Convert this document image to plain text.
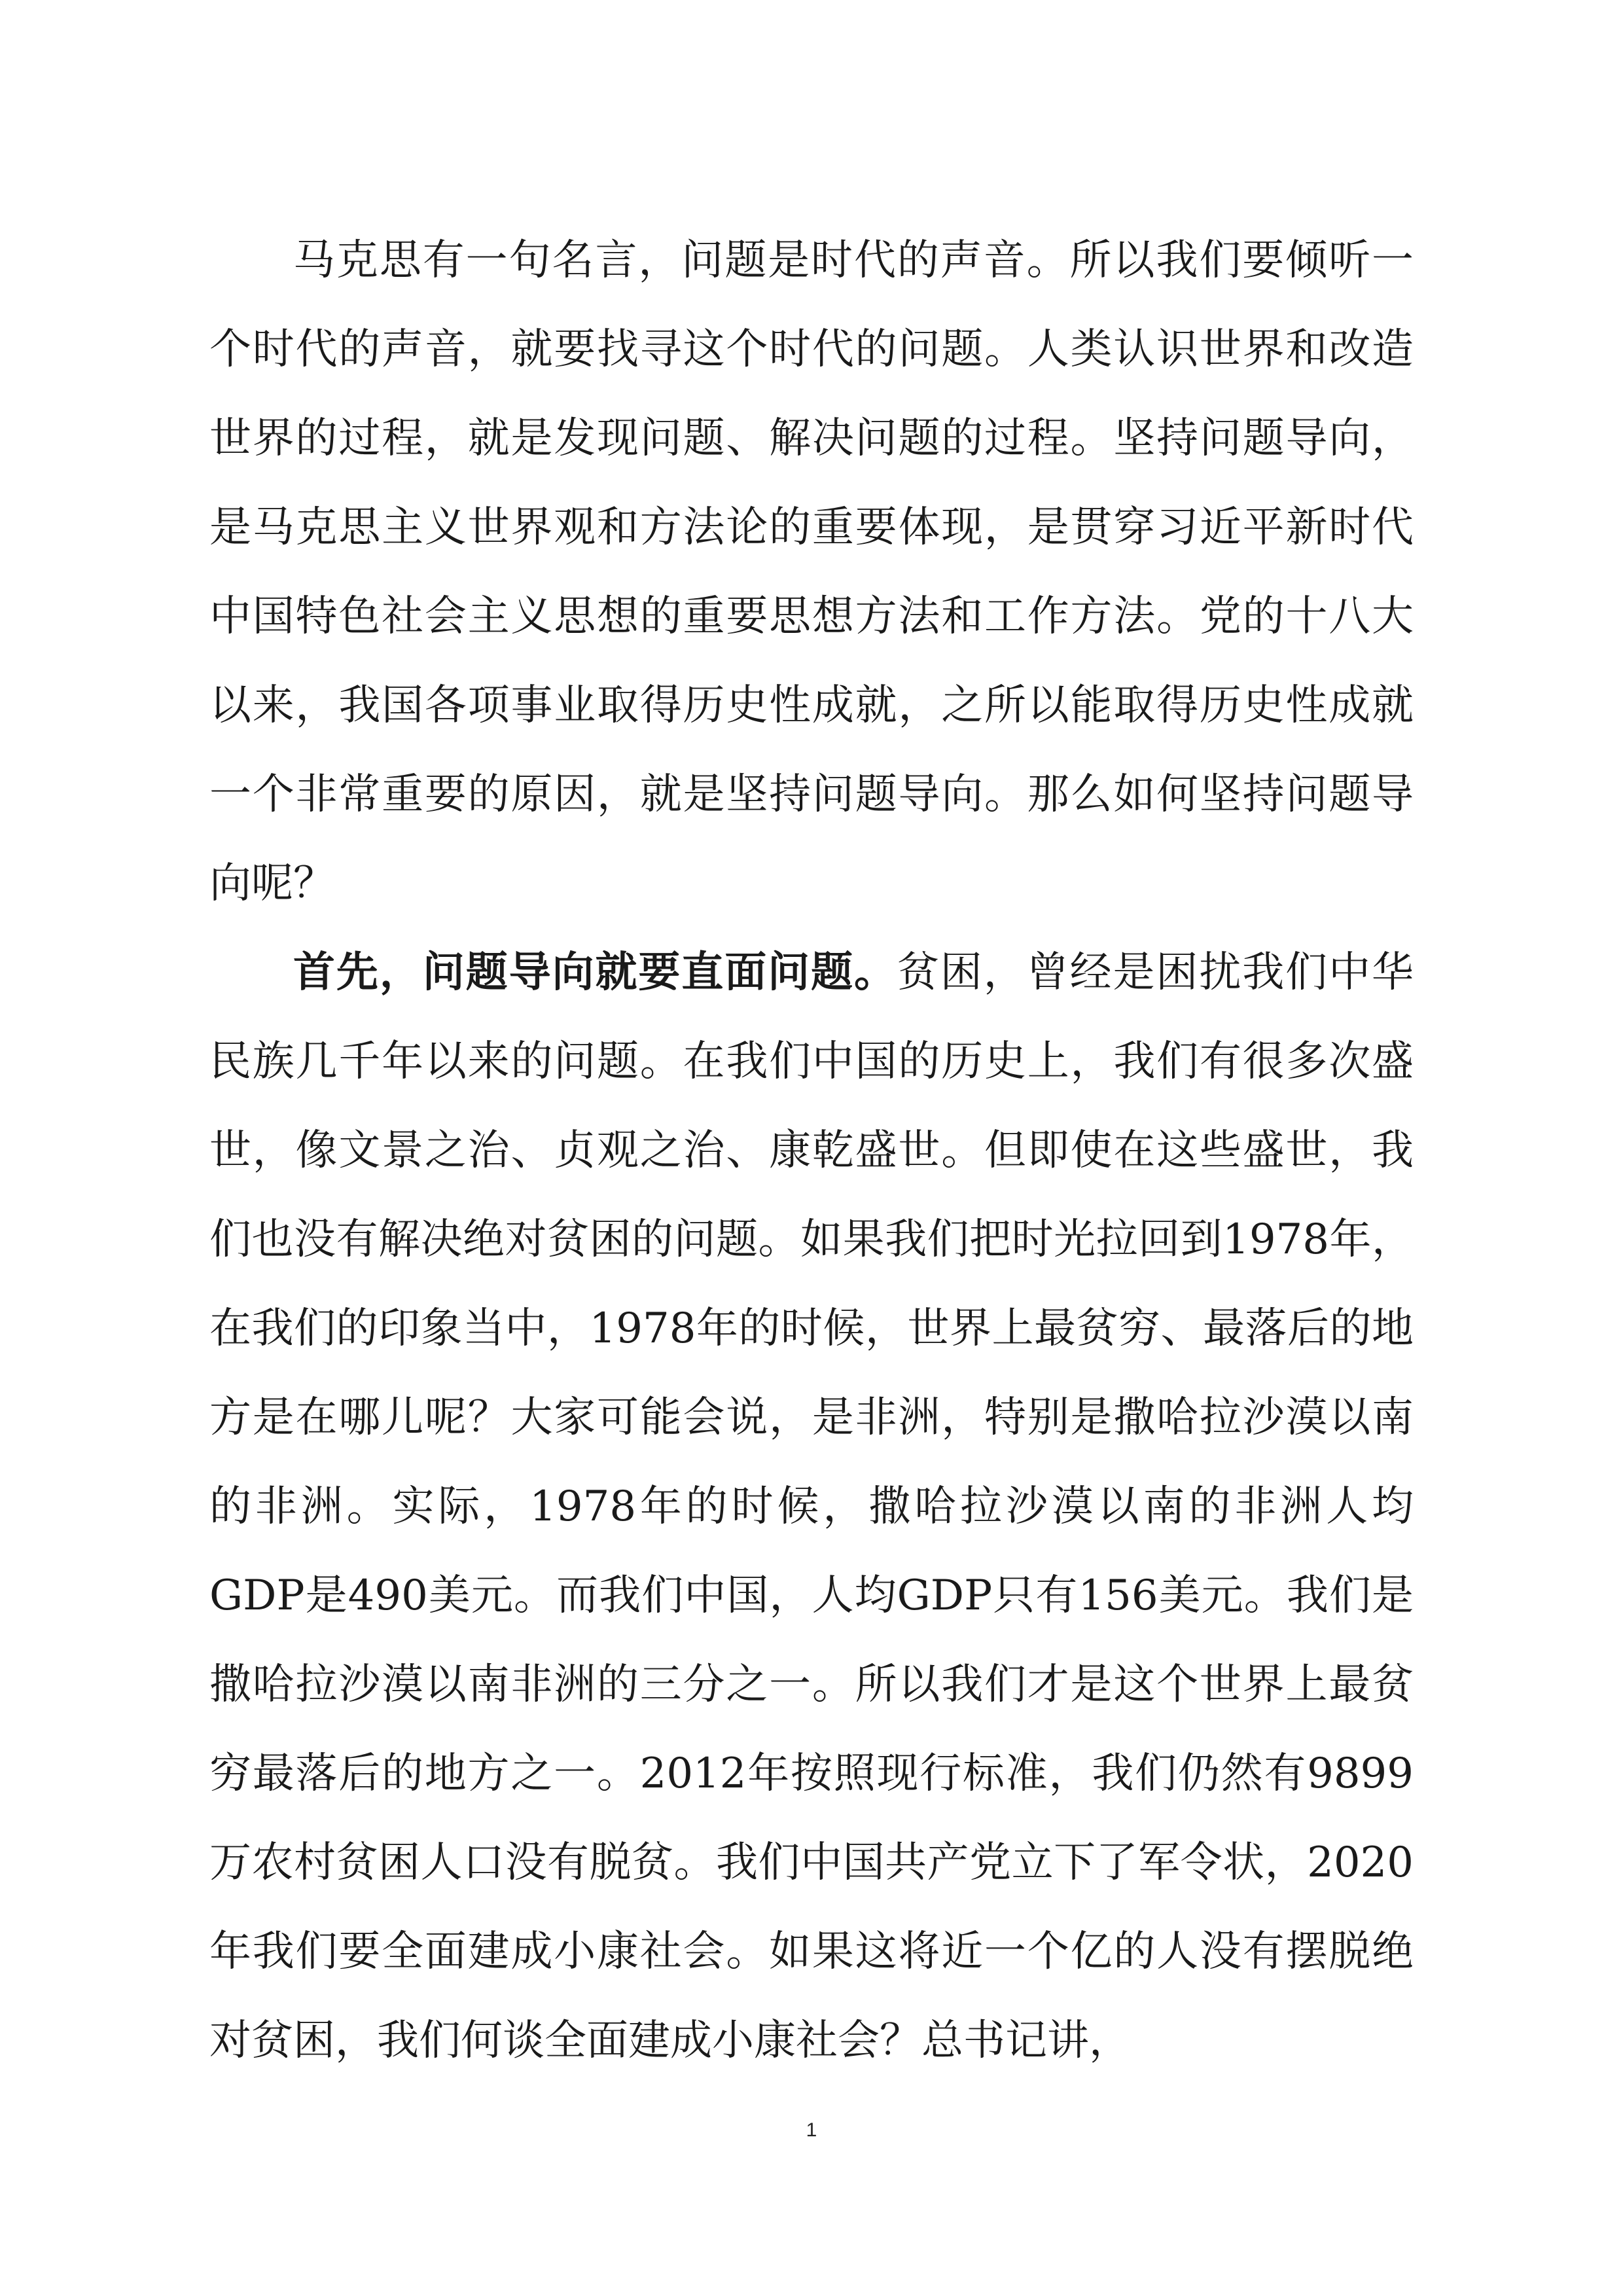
马克思有一句名言，问题是时代的声音。所以我们要倾听一个时代的声音，就要找寻这个时代的问题。人类认识世界和改造世界的过程，就是发现问题、解决问题的过程。坚持问题导向，是马克思主义世界观和方法论的重要体现，是贯穿习近平新时代中国特色社会主义思想的重要思想方法和工作方法。党的十八大以来，我国各项事业取得历史性成就，之所以能取得历史性成就一个非常重要的原因，就是坚持问题导向。那么如何坚持问题导向呢？

首先，问题导向就要直面问题。贫困，曾经是困扰我们中华民族几千年以来的问题。在我们中国的历史上，我们有很多次盛世，像文景之治、贞观之治、康乾盛世。但即使在这些盛世，我们也没有解决绝对贫困的问题。如果我们把时光拉回到1978年，在我们的印象当中，1978年的时候，世界上最贫穷、最落后的地方是在哪儿呢？大家可能会说，是非洲，特别是撒哈拉沙漠以南的非洲。实际，1978年的时候，撒哈拉沙漠以南的非洲人均GDP是490美元。而我们中国，人均GDP只有156美元。我们是撒哈拉沙漠以南非洲的三分之一。所以我们才是这个世界上最贫穷最落后的地方之一。2012年按照现行标准，我们仍然有9899万农村贫困人口没有脱贫。我们中国共产党立下了军令状，2020年我们要全面建成小康社会。如果这将近一个亿的人没有摆脱绝对贫困，我们何谈全面建成小康社会？总书记讲，

1
